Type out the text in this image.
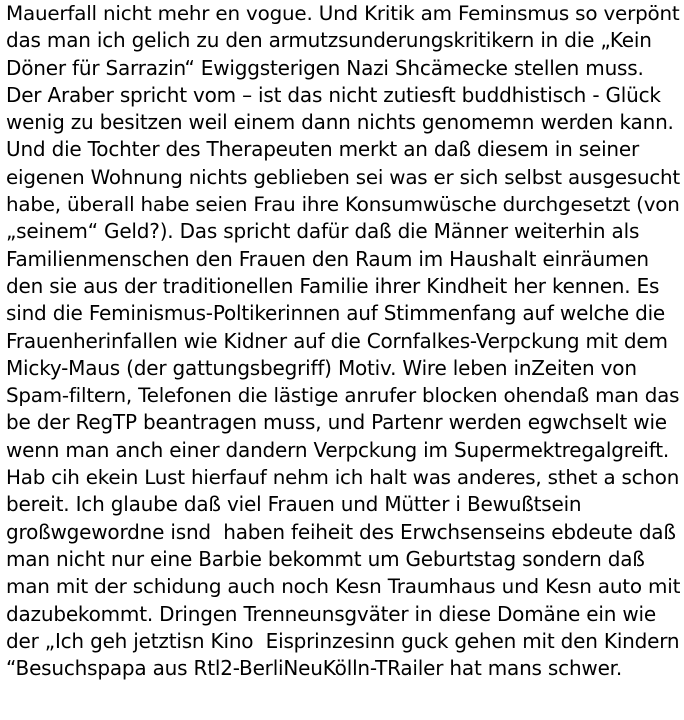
Mauerfall nicht mehr en vogue. Und Kritik am Feminsmus so verpönt
das man ich gelich zu den armutzsunderungskritikern in die „Kein
Döner für Sarrazin“ Ewiggsterigen Nazi Shcämecke stellen muss.
Der Araber spricht vom – ist das nicht zutiesft buddhistisch - Glück
wenig zu besitzen weil einem dann nichts genomemn werden kann.
Und die Tochter des Therapeuten merkt an daß diesem in seiner
eigenen Wohnung nichts geblieben sei was er sich selbst ausgesucht
habe, überall habe seien Frau ihre Konsumwüsche durchgesetzt (von
„seinem“ Geld?). Das spricht dafür daß die Männer weiterhin als
Familienmenschen den Frauen den Raum im Haushalt einräumen
den sie aus der traditionellen Familie ihrer Kindheit her kennen. Es
sind die Feminismus-Poltikerinnen auf Stimmenfang auf welche die
Frauenherinfallen wie Kidner auf die Cornfalkes-Verpckung mit dem
Micky-Maus (der gattungsbegriff) Motiv. Wire leben inZeiten von
Spam-filtern, Telefonen die lästige anrufer blocken ohendaß man das
be der RegTP beantragen muss, und Partenr werden egwchselt wie
wenn man anch einer dandern Verpckung im Supermektregalgreift.
Hab cih ekein Lust hierfauf nehm ich halt was anderes, sthet a schon
bereit. Ich glaube daß viel Frauen und Mütter i Bewußtsein
großwgewordne isnd  haben feiheit des Erwchsenseins ebdeute daß
man nicht nur eine Barbie bekommt um Geburtstag sondern daß
man mit der schidung auch noch Kesn Traumhaus und Kesn auto mit
dazubekommt. Dringen Trenneunsgväter in diese Domäne ein wie
der „Ich geh jetztisn Kino  Eisprinzesinn guck gehen mit den Kindern
“Besuchspapa aus Rtl2-BerliNeuKölln-TRailer hat mans schwer.
